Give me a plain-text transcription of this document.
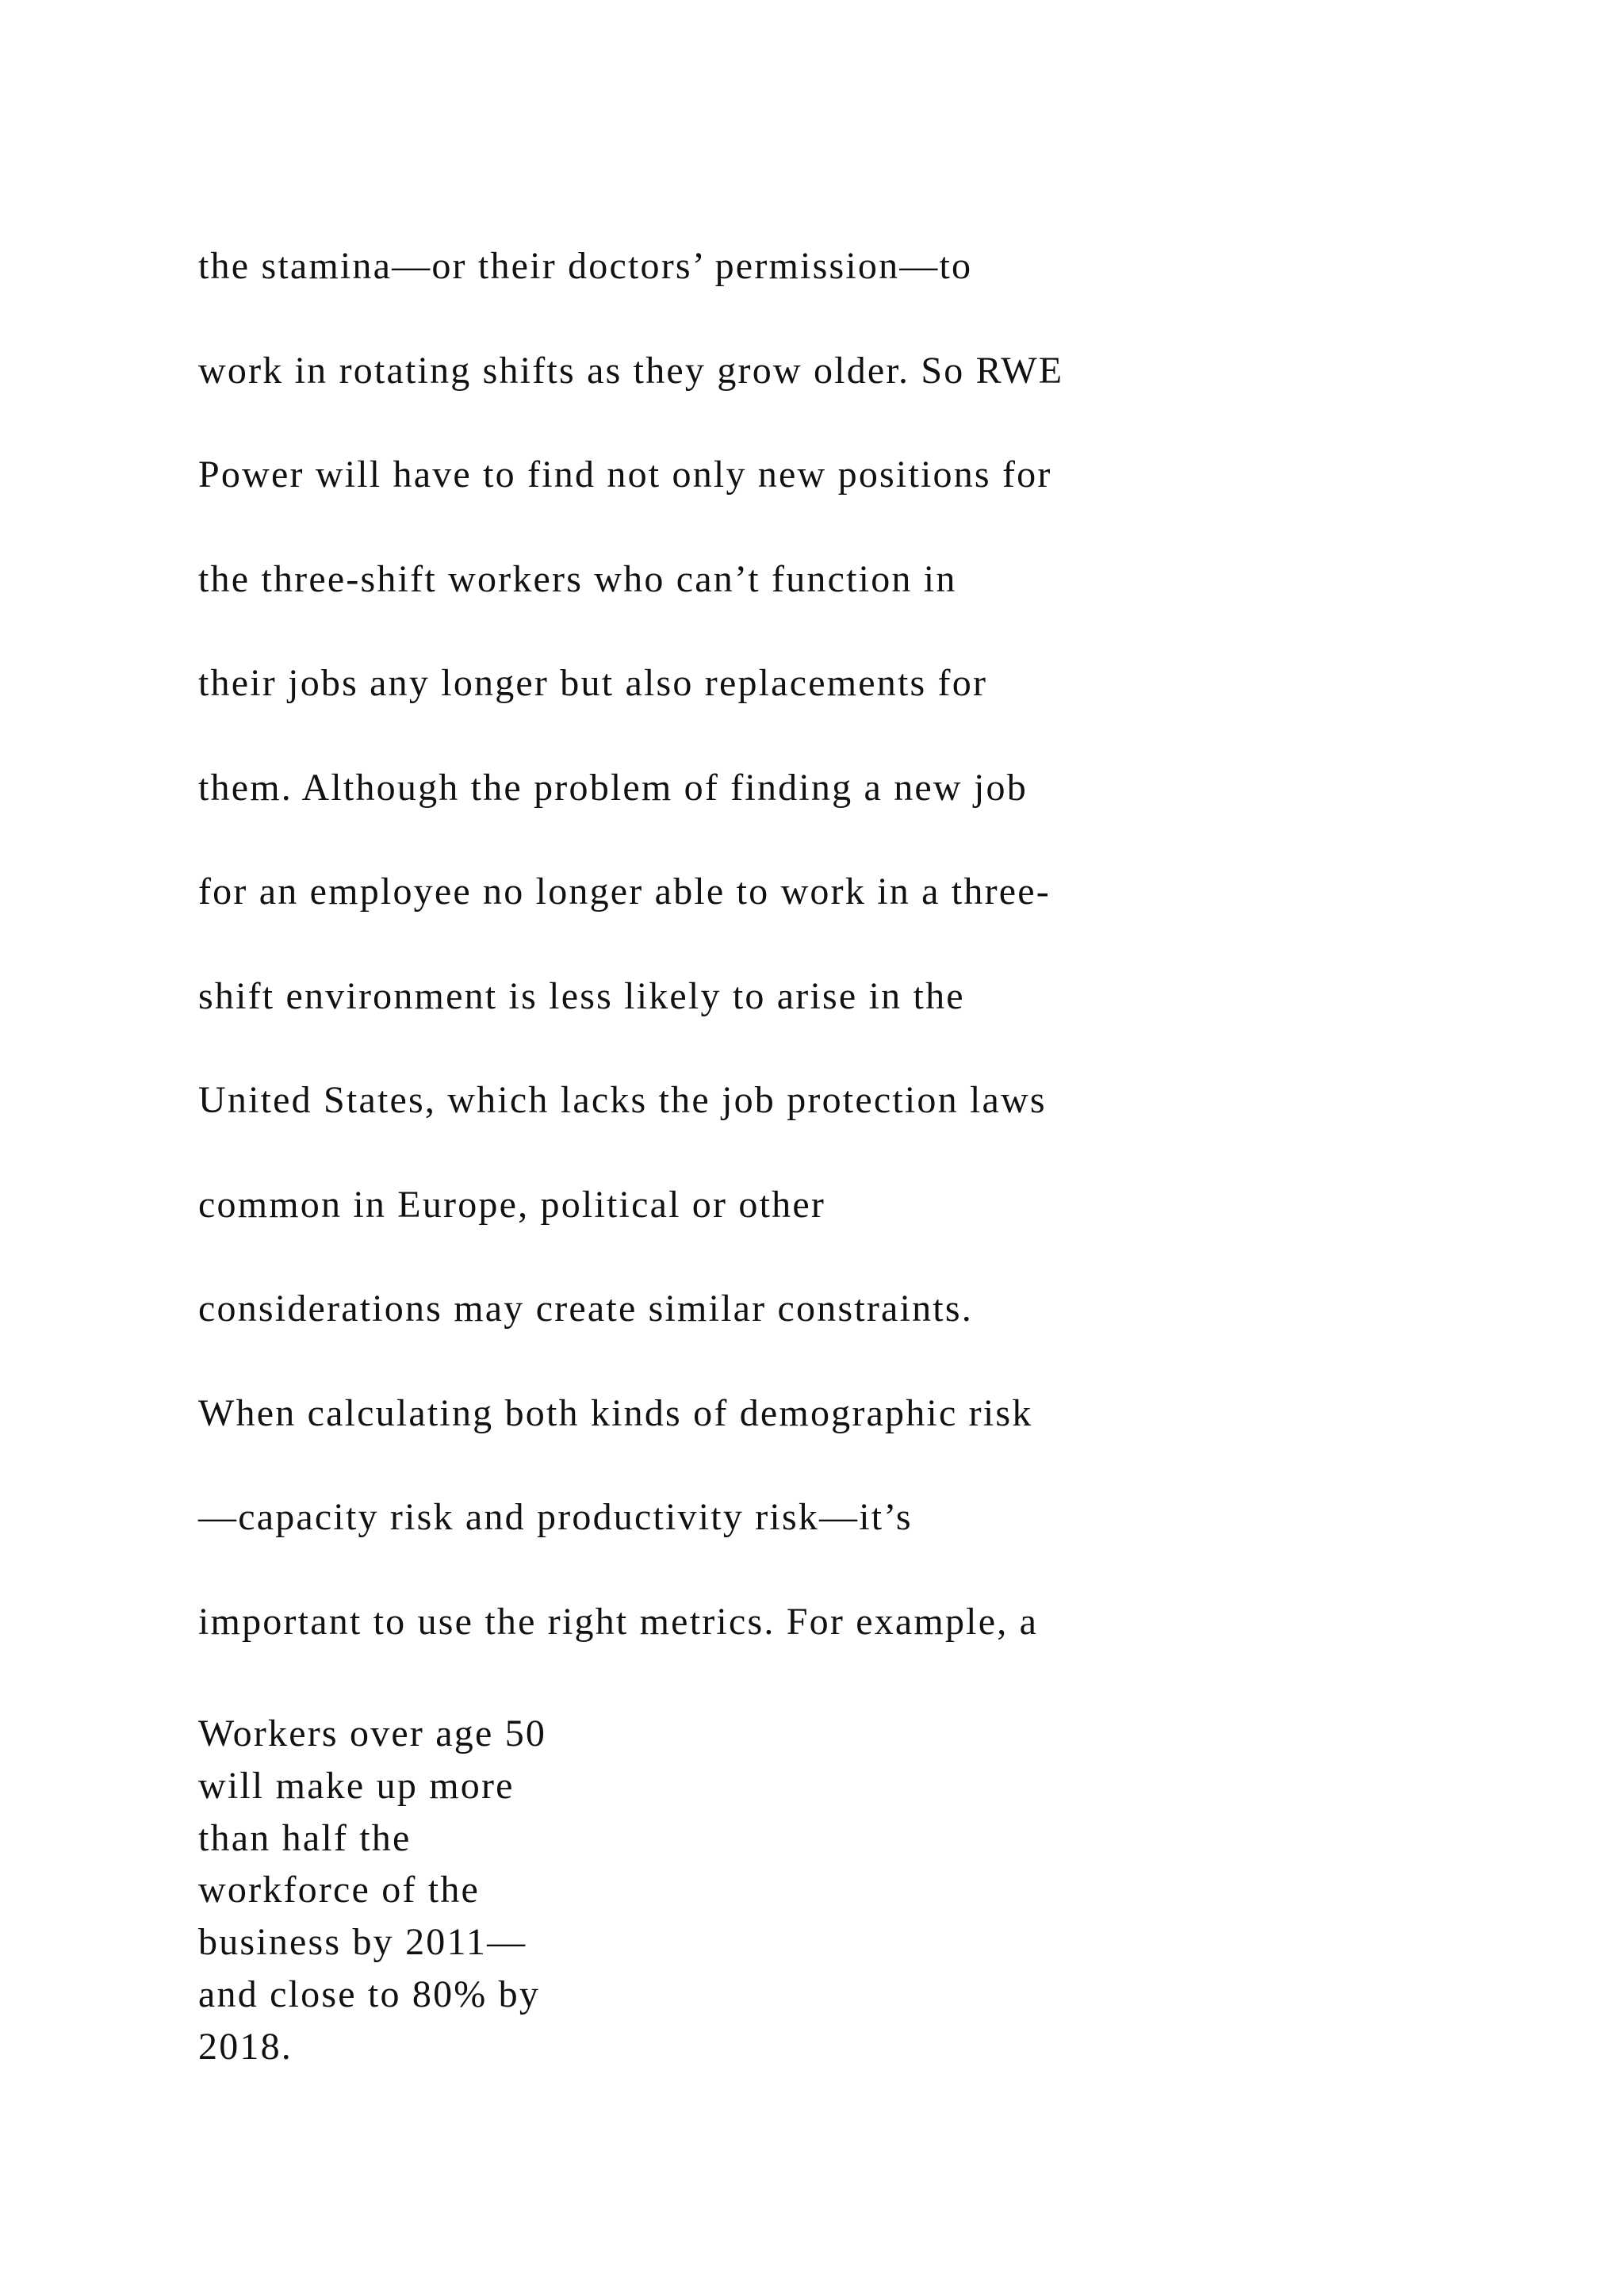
the stamina—or their doctors’ permission—to
work in rotating shifts as they grow older. So RWE
Power will have to find not only new positions for
the three-shift workers who can’t function in
their jobs any longer but also replacements for
them. Although the problem of finding a new job
for an employee no longer able to work in a three-
shift environment is less likely to arise in the
United States, which lacks the job protection laws
common in Europe, political or other
considerations may create similar constraints.
When calculating both kinds of demographic risk
—capacity risk and productivity risk—it’s
important to use the right metrics. For example, a
Workers over age 50
will make up more
than half the
workforce of the
business by 2011—
and close to 80% by
2018.
